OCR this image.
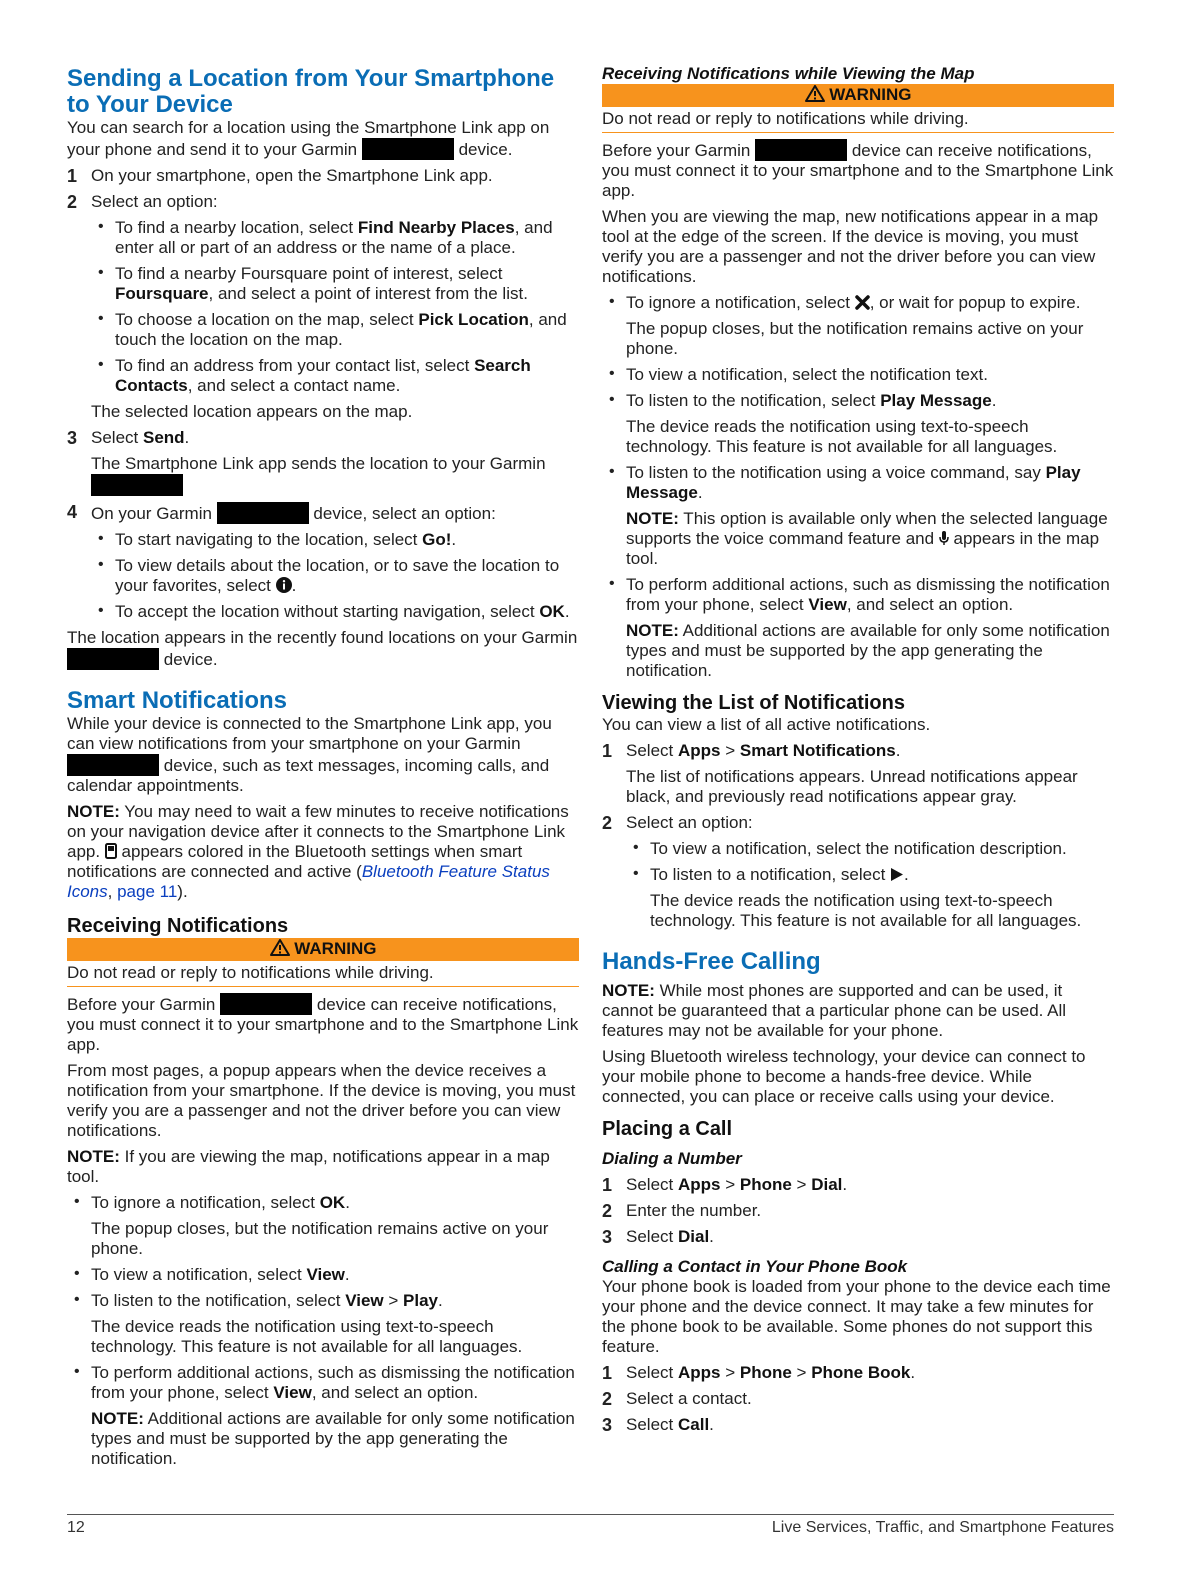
Sending a Location from Your Smartphone to Your Device

You can search for a location using the Smartphone Link app on your phone and send it to your Garmin	device.

1 On your smartphone, open the Smartphone Link app.

2 Select an option:

• To find a nearby location, select Find Nearby Places, and enter all or part of an address or the name of a place.

• To find a nearby Foursquare point of interest, select Foursquare, and select a point of interest from the list.

• To choose a location on the map, select Pick Location, and touch the location on the map.

• To find an address from your contact list, select Search Contacts, and select a contact name.

The selected location appears on the map.

3 Select Send.

The Smartphone Link app sends the location to your Garmin

4 On your Garmin	device, select an option:

• To start navigating to the location, select Go!.

• To view details about the location, or to save the location to your favorites, select .

• To accept the location without starting navigation, select OK.

The location appears in the recently found locations on your Garmin  device.

Smart Notifications

While your device is connected to the Smartphone Link app, you can view notifications from your smartphone on your Garmin
device, such as text messages, incoming calls, and calendar appointments.

NOTE: You may need to wait a few minutes to receive notifications on your navigation device after it connects to the Smartphone Link app.  appears colored in the Bluetooth settings when smart notifications are connected and active (Bluetooth Feature Status Icons, page 11).

Receiving Notifications
WARNING

Do not read or reply to notifications while driving.

Before your Garmin	device can receive notifications, you must connect it to your smartphone and to the Smartphone Link app.

From most pages, a popup appears when the device receives a notification from your smartphone. If the device is moving, you must verify you are a passenger and not the driver before you can view notifications.

NOTE: If you are viewing the map, notifications appear in a map tool.

• To ignore a notification, select OK.

The popup closes, but the notification remains active on your phone.

• To view a notification, select View.

• To listen to the notification, select View > Play.

The device reads the notification using text-to-speech technology. This feature is not available for all languages.

• To perform additional actions, such as dismissing the notification from your phone, select View, and select an option.

NOTE: Additional actions are available for only some notification types and must be supported by the app generating the notification.

Receiving Notifications while Viewing the Map
WARNING

Do not read or reply to notifications while driving.

Before your Garmin	device can receive notifications, you must connect it to your smartphone and to the Smartphone Link app.

When you are viewing the map, new notifications appear in a map tool at the edge of the screen. If the device is moving, you must verify you are a passenger and not the driver before you can view notifications.

• To ignore a notification, select , or wait for popup to expire.

The popup closes, but the notification remains active on your phone.

• To view a notification, select the notification text.

• To listen to the notification, select Play Message.

The device reads the notification using text-to-speech technology. This feature is not available for all languages.

• To listen to the notification using a voice command, say Play Message.

NOTE: This option is available only when the selected language supports the voice command feature and  appears in the map tool.

• To perform additional actions, such as dismissing the notification from your phone, select View, and select an option.

NOTE: Additional actions are available for only some notification types and must be supported by the app generating the notification.

Viewing the List of Notifications

You can view a list of all active notifications.

1 Select Apps > Smart Notifications.

The list of notifications appears. Unread notifications appear black, and previously read notifications appear gray.

2 Select an option:

• To view a notification, select the notification description.

• To listen to a notification, select .

The device reads the notification using text-to-speech technology. This feature is not available for all languages.

Hands-Free Calling

NOTE: While most phones are supported and can be used, it cannot be guaranteed that a particular phone can be used. All features may not be available for your phone.

Using Bluetooth wireless technology, your device can connect to your mobile phone to become a hands-free device. While connected, you can place or receive calls using your device.

Placing a Call
Dialing a Number
1 Select Apps > Phone > Dial.

2 Enter the number.

3 Select Dial.

Calling a Contact in Your Phone Book

Your phone book is loaded from your phone to the device each time your phone and the device connect. It may take a few minutes for the phone book to be available. Some phones do not support this feature.

1 Select Apps > Phone > Phone Book.

2 Select a contact.

3 Select Call.

12	Live Services, Traffic, and Smartphone Features
